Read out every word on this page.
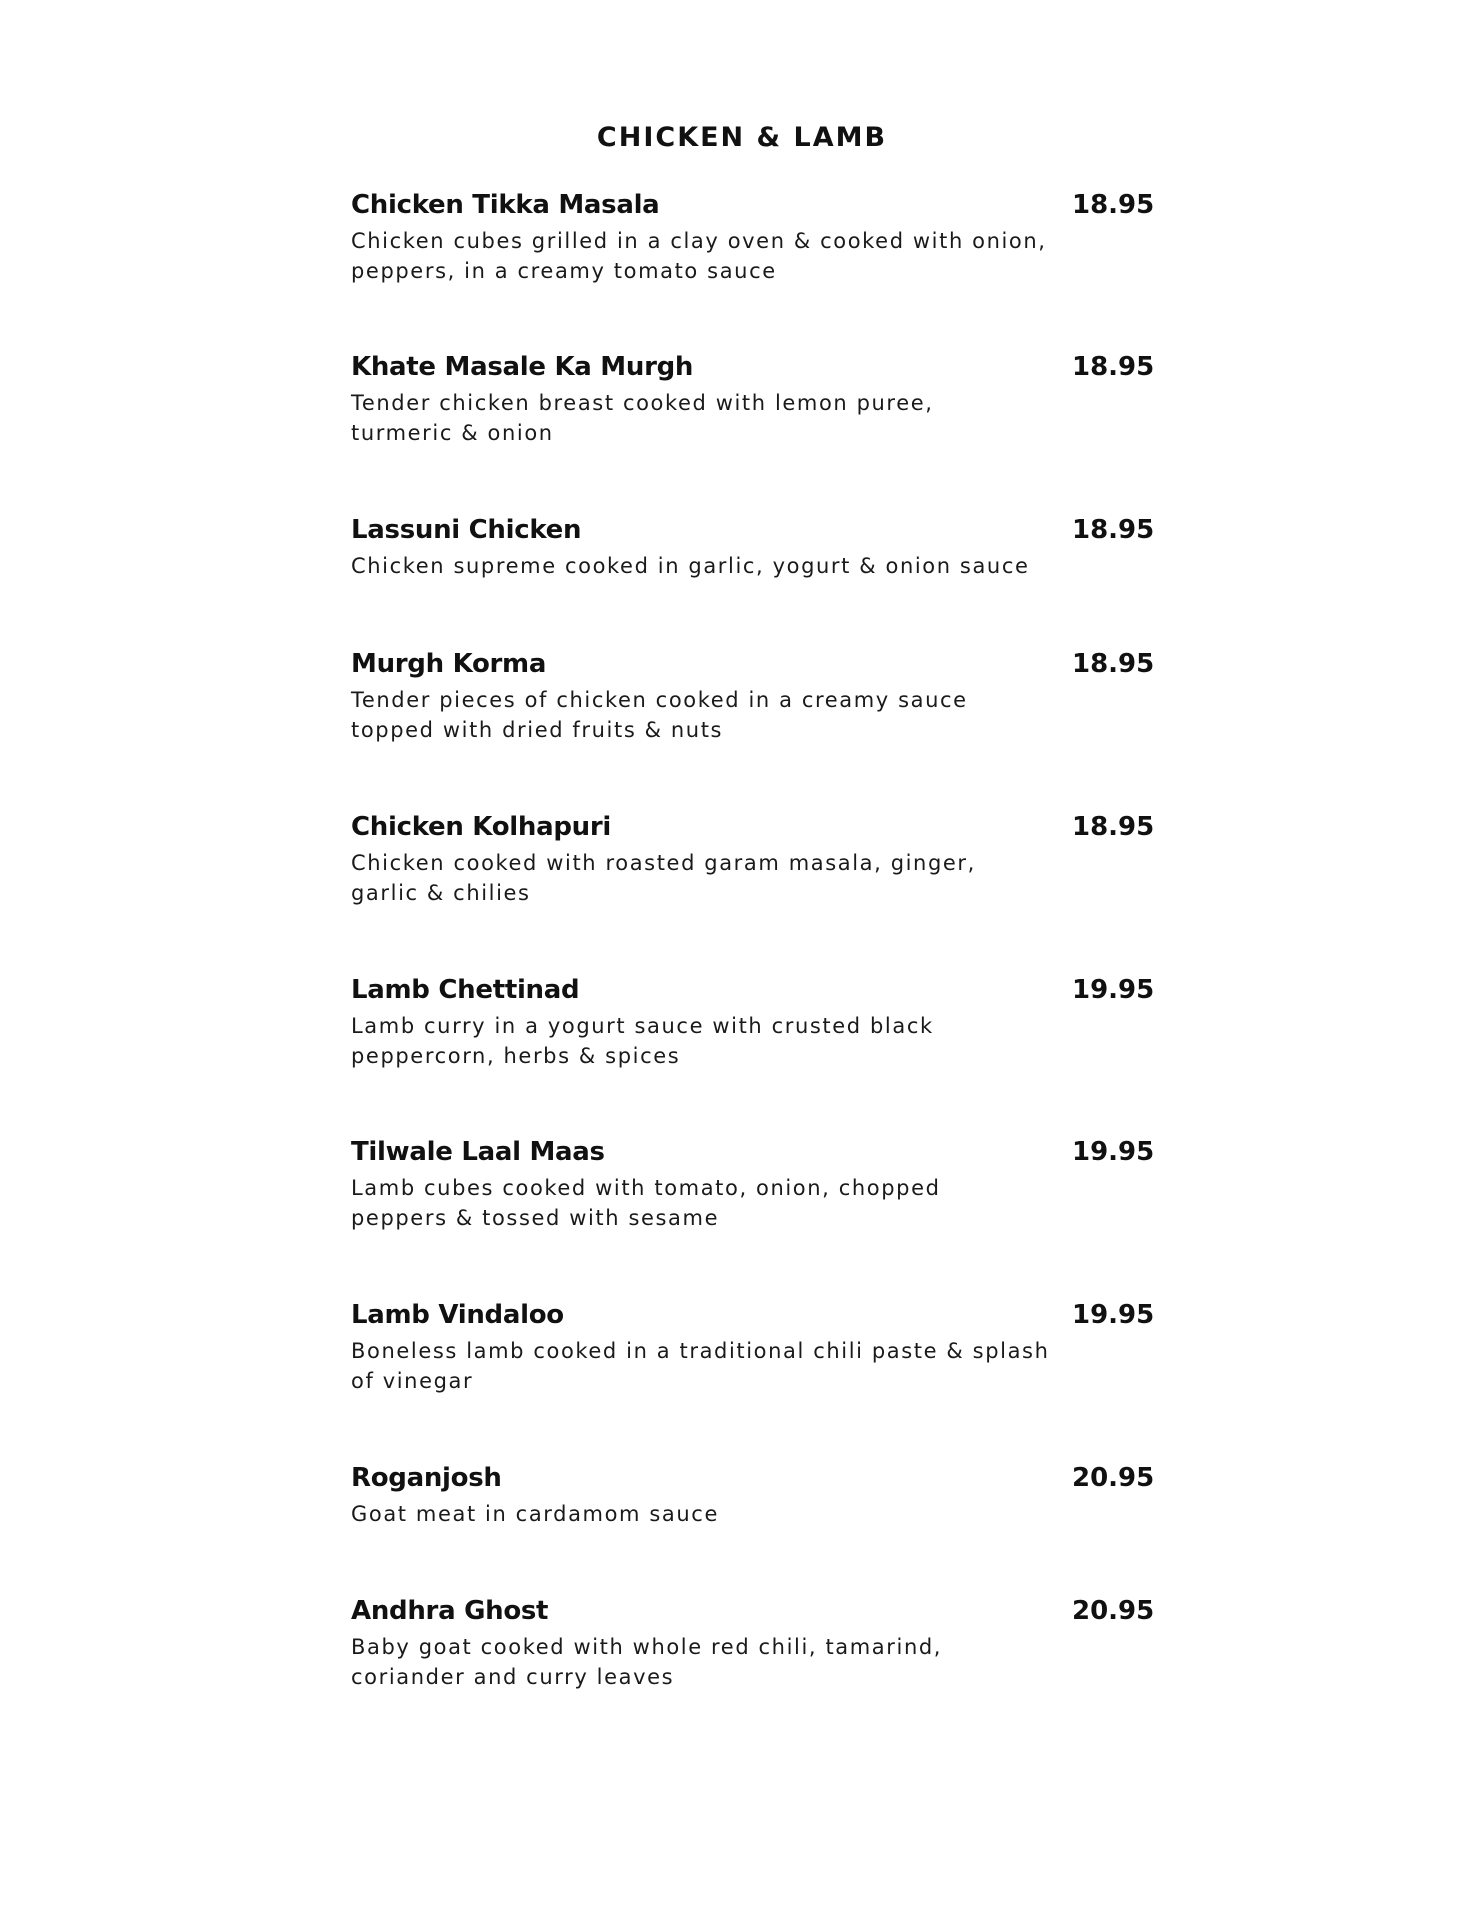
CHICKEN & LAMB
Chicken Tikka Masala	18.95
Chicken cubes grilled in a clay oven & cooked with onion,
peppers, in a creamy tomato sauce
Khate Masale Ka Murgh	18.95
Tender chicken breast cooked with lemon puree,
turmeric & onion
Lassuni Chicken	18.95
Chicken supreme cooked in garlic, yogurt & onion sauce
Murgh Korma	18.95
Tender pieces of chicken cooked in a creamy sauce
topped with dried fruits & nuts
Chicken Kolhapuri	18.95
Chicken cooked with roasted garam masala, ginger,
garlic & chilies
Lamb Chettinad	19.95
Lamb curry in a yogurt sauce with crusted black
peppercorn, herbs & spices
Tilwale Laal Maas	19.95
Lamb cubes cooked with tomato, onion, chopped
peppers & tossed with sesame
Lamb Vindaloo	19.95
Boneless lamb cooked in a traditional chili paste & splash
of vinegar
Roganjosh	20.95
Goat meat in cardamom sauce
Andhra Ghost	20.95
Baby goat cooked with whole red chili, tamarind,
coriander and curry leaves
